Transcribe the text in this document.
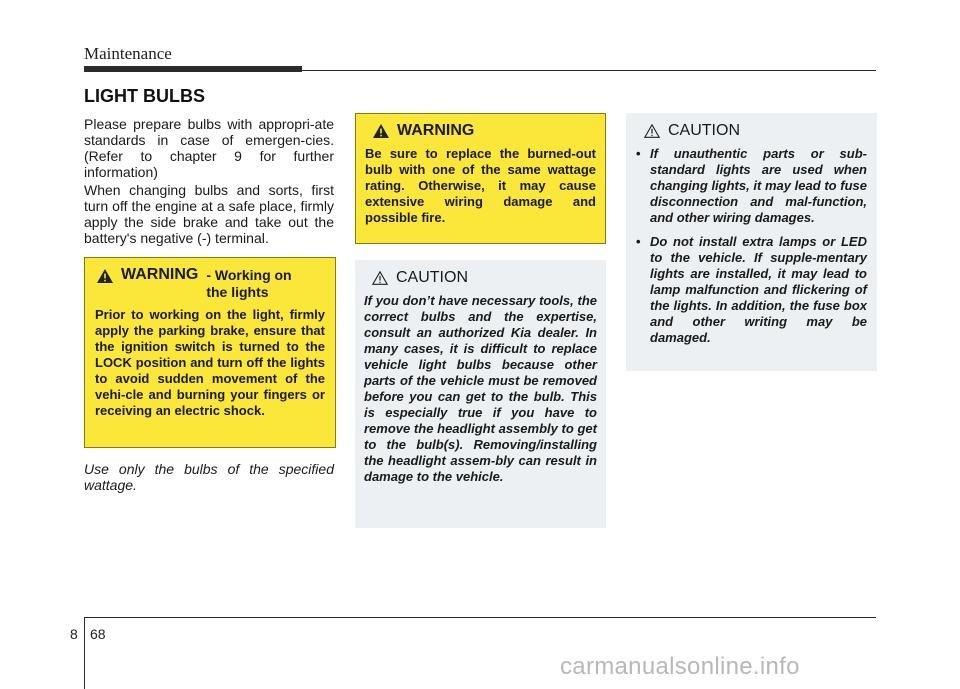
Maintenance
LIGHT BULBS
Please prepare bulbs with appropri-ate standards in case of emergen-cies. (Refer to chapter 9 for further information)
When changing bulbs and sorts, first turn off the engine at a safe place, firmly apply the side brake and take out the battery's negative (-) terminal.
WARNING - Working on the lights
Prior to working on the light, firmly apply the parking brake, ensure that the ignition switch is turned to the LOCK position and turn off the lights to avoid sudden movement of the vehi-cle and burning your fingers or receiving an electric shock.
Use only the bulbs of the specified wattage.
WARNING
Be sure to replace the burned-out bulb with one of the same wattage rating. Otherwise, it may cause extensive wiring damage and possible fire.
CAUTION
If you don’t have necessary tools, the correct bulbs and the expertise, consult an authorized Kia dealer. In many cases, it is difficult to replace vehicle light bulbs because other parts of the vehicle must be removed before you can get to the bulb. This is especially true if you have to remove the headlight assembly to get to the bulb(s). Removing/installing the headlight assem-bly can result in damage to the vehicle.
CAUTION
• If unauthentic parts or sub-standard lights are used when changing lights, it may lead to fuse disconnection and mal-function, and other wiring damages.
• Do not install extra lamps or LED to the vehicle. If supple-mentary lights are installed, it may lead to lamp malfunction and flickering of the lights. In addition, the fuse box and other writing may be damaged.
8 68
carmanualsonline.info
